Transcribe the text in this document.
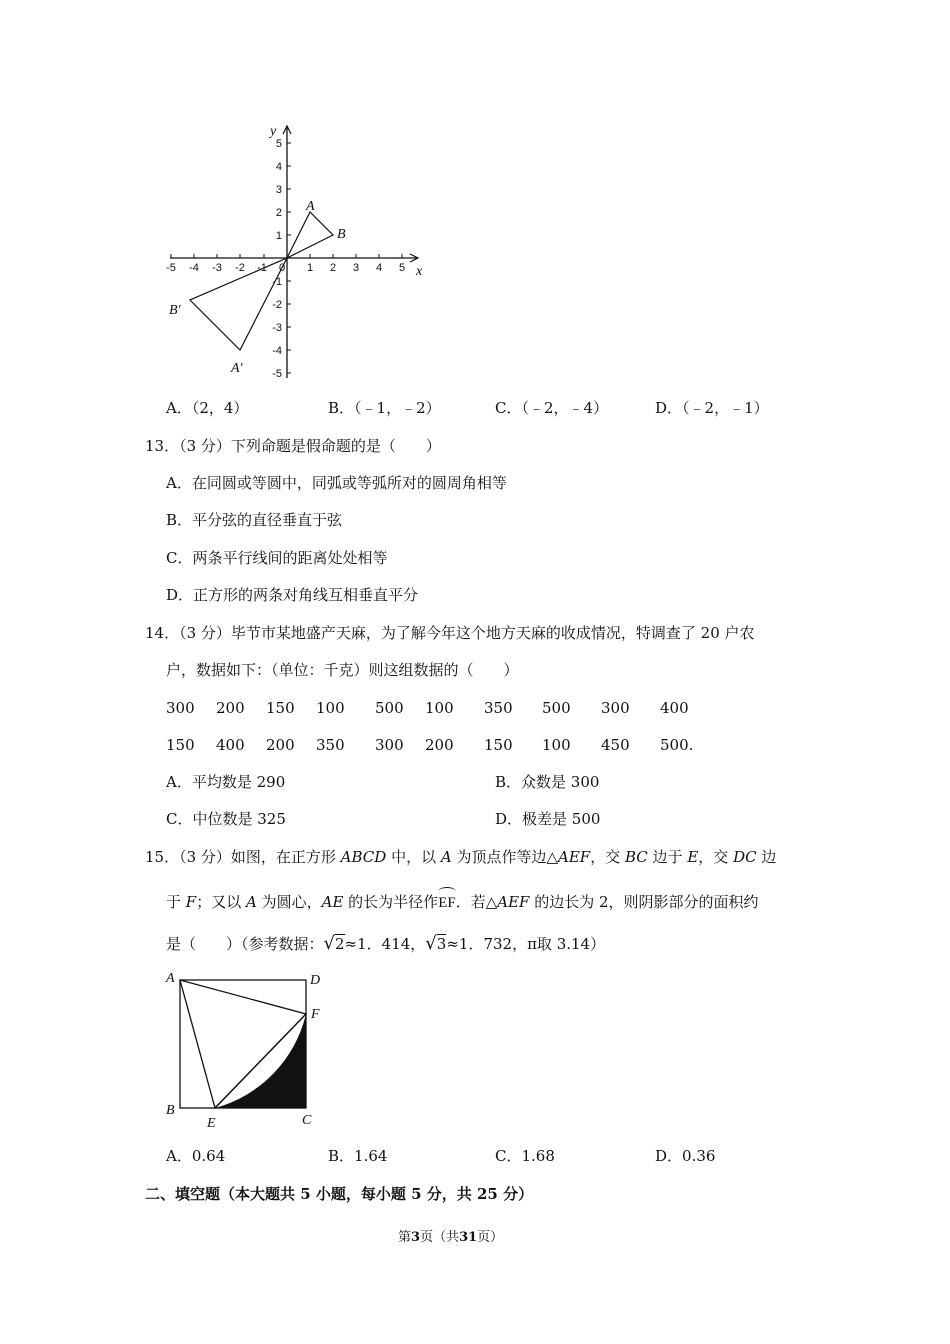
-5 -4 -3 -2 -1 0 1 2 3 4 5
5
4
3
2
1
-1
-2
-3
-4
-5
x
y
A
B
A′
B′
A．（2，4）	B．（﹣1，﹣2）	C．（﹣2，﹣4）	D．（﹣2，﹣1）
13．（3 分）下列命题是假命题的是（　　）
A．在同圆或等圆中，同弧或等弧所对的圆周角相等
B．平分弦的直径垂直于弦
C．两条平行线间的距离处处相等
D．正方形的两条对角线互相垂直平分
14．（3 分）毕节市某地盛产天麻，为了解今年这个地方天麻的收成情况，特调查了 20 户农
户，数据如下：（单位：千克）则这组数据的（　　）
300 200 150 100 500 100 350 500 300 400
150 400 200 350 300 200 150 100 450 500.
A．平均数是 290	B．众数是 300
C．中位数是 325	D．极差是 500
15．（3 分）如图，在正方形 ABCD 中，以 A 为顶点作等边△AEF，交 BC 边于 E，交 DC 边
于 F；又以 A 为圆心，AE 的长为半径作EF．若△AEF 的边长为 2，则阴影部分的面积约
是（　　）（参考数据：√2≈1．414，√3≈1．732，π取 3.14）
A	D
F
B
E	C
A．0.64	B．1.64	C．1.68	D．0.36
二、填空题（本大题共 5 小题，每小题 5 分，共 25 分）
第3页（共31页）
